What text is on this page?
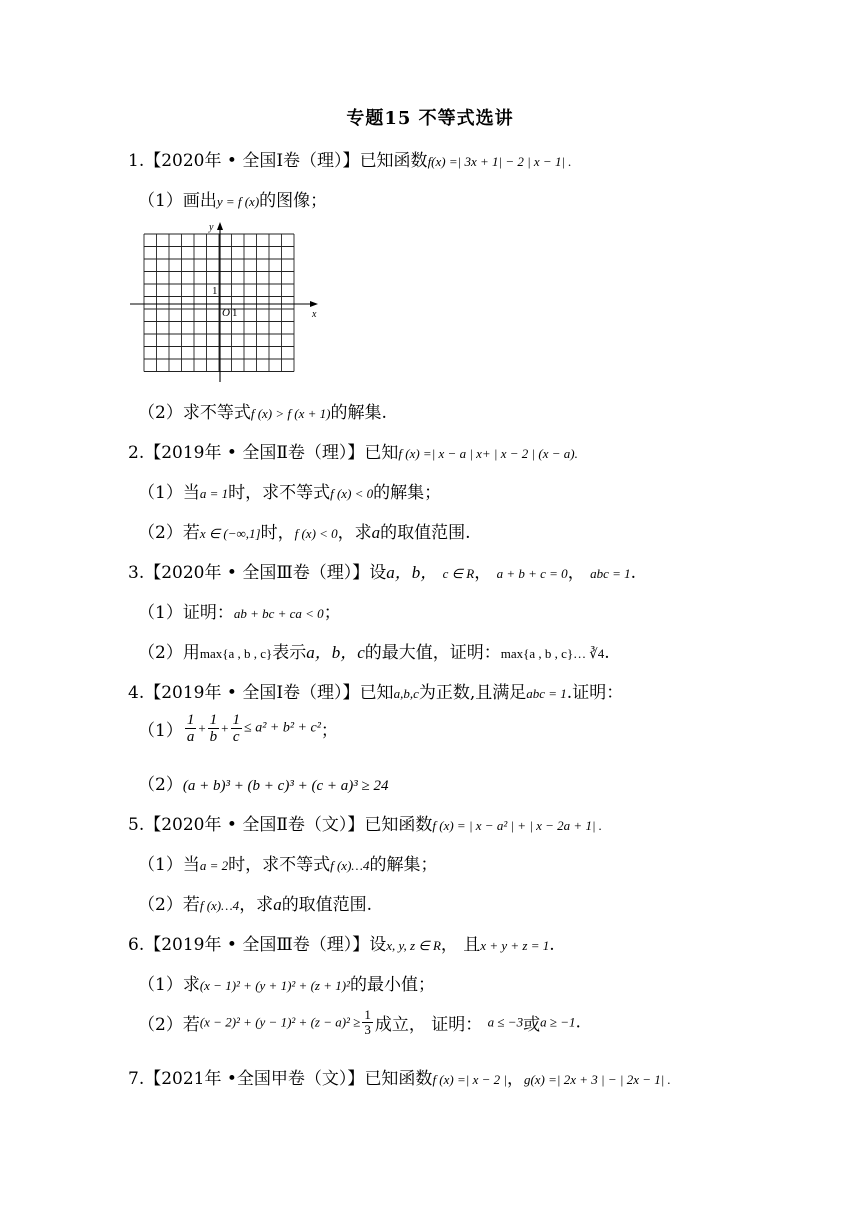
专题15 不等式选讲
1.【2020年 • 全国Ⅰ卷（理）】已知函数f(x) =| 3x + 1| − 2 | x − 1| .
（1）画出y = f (x)的图像；
x
y
O 1
1
（2）求不等式f (x) > f (x + 1)的解集.
2.【2019年 • 全国Ⅱ卷（理）】已知f (x) =| x − a | x+ | x − 2 | (x − a).
（1）当a = 1时，求不等式f (x) < 0的解集；
（2）若x ∈ (−∞,1]时，f (x) < 0，求a的取值范围.
3.【2020年 • 全国Ⅲ卷（理）】设a，b， c ∈ R， a + b + c = 0， abc = 1.
（1）证明：ab + bc + ca < 0；
（2）用max{a , b , c}表示a，b，c的最大值，证明：max{a , b , c}… ∛4.
4.【2019年 • 全国Ⅰ卷（理）】已知a,b,c为正数,且满足abc = 1.证明：
$(1) \frac{1}{a} + \frac{1}{b} + \frac{1}{c} \le a^2 + b^2 + c^2$；
（2）(a + b)³ + (b + c)³ + (c + a)³ ≥ 24
5.【2020年 • 全国Ⅱ卷（文）】已知函数f (x) = | x − a² | + | x − 2a + 1| .
（1）当a = 2时，求不等式f (x)…4的解集；
（2）若f (x)…4，求a的取值范围.
6.【2019年 • 全国Ⅲ卷（理）】设x, y, z ∈ R， 且x + y + z = 1.
（1）求(x − 1)² + (y + 1)² + (z + 1)²的最小值；
（2）若$(x - 2)^2 + (y - 1)^2 + (z - a)^2 \ge \frac{1}{3}$ 成立， 证明： a ≤ −3或a ≥ −1.
7.【2021年 •全国甲卷（文）】已知函数f (x) =| x − 2 |，g(x) =| 2x + 3 | − | 2x − 1| .
